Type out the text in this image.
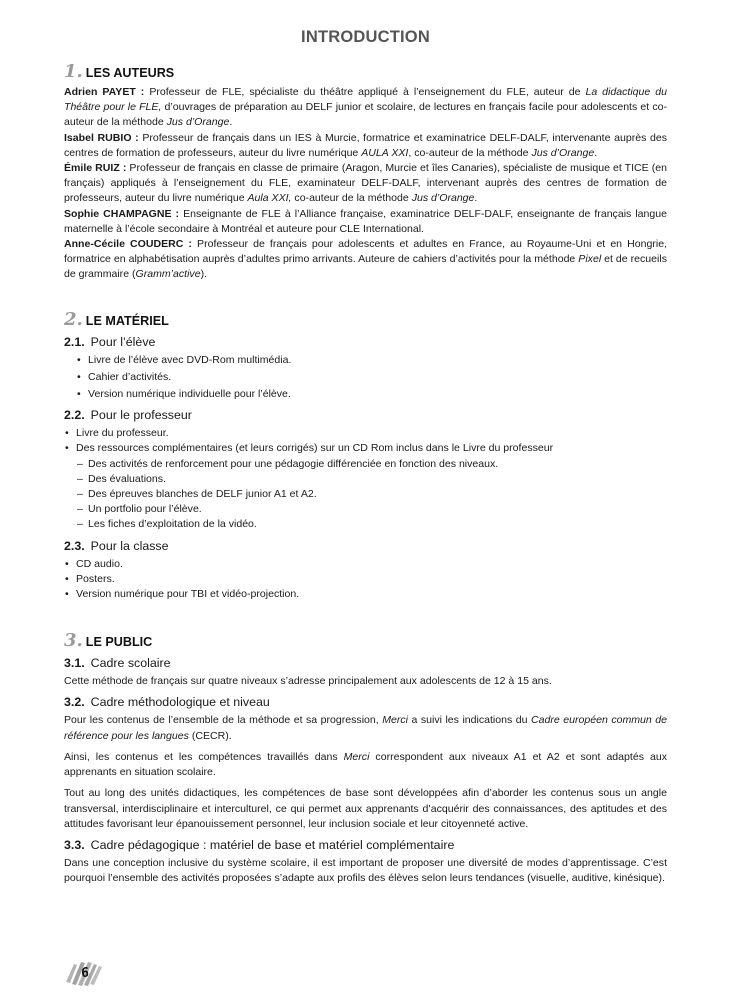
INTRODUCTION
1. LES AUTEURS

Adrien PAYET : Professeur de FLE, spécialiste du théâtre appliqué à l’enseignement du FLE, auteur de La didactique du Théâtre pour le FLE, d’ouvrages de préparation au DELF junior et scolaire, de lectures en français facile pour adolescents et co-auteur de la méthode Jus d’Orange.

Isabel RUBIO : Professeur de français dans un IES à Murcie, formatrice et examinatrice DELF-DALF, intervenante auprès des centres de formation de professeurs, auteur du livre numérique AULA XXI, co-auteur de la méthode Jus d’Orange.

Émile RUIZ : Professeur de français en classe de primaire (Aragon, Murcie et îles Canaries), spécialiste de musique et TICE (en français) appliqués à l’enseignement du FLE, examinateur DELF-DALF, intervenant auprès des centres de formation de professeurs, auteur du livre numérique Aula XXI, co-auteur de la méthode Jus d’Orange.

Sophie CHAMPAGNE : Enseignante de FLE à l’Alliance française, examinatrice DELF-DALF, enseignante de français langue maternelle à l’école secondaire à Montréal et auteure pour CLE International.

Anne-Cécile COUDERC : Professeur de français pour adolescents et adultes en France, au Royaume-Uni et en Hongrie, formatrice en alphabétisation auprès d’adultes primo arrivants. Auteure de cahiers d’activités pour la méthode Pixel et de recueils de grammaire (Gramm’active).

2. LE MATÉRIEL
2.1. Pour l’élève
• Livre de l’élève avec DVD-Rom multimédia.
• Cahier d’activités.
• Version numérique individuelle pour l’élève.
2.2. Pour le professeur
• Livre du professeur.
• Des ressources complémentaires (et leurs corrigés) sur un CD Rom inclus dans le Livre du professeur
– Des activités de renforcement pour une pédagogie différenciée en fonction des niveaux.
– Des évaluations.
– Des épreuves blanches de DELF junior A1 et A2.
– Un portfolio pour l’élève.
– Les fiches d’exploitation de la vidéo.
2.3. Pour la classe
• CD audio.
• Posters.
• Version numérique pour TBI et vidéo-projection.
3. LE PUBLIC
3.1. Cadre scolaire

Cette méthode de français sur quatre niveaux s’adresse principalement aux adolescents de 12 à 15 ans.

3.2. Cadre méthodologique et niveau

Pour les contenus de l’ensemble de la méthode et sa progression, Merci a suivi les indications du Cadre européen commun de référence pour les langues (CECR).

Ainsi, les contenus et les compétences travaillés dans Merci correspondent aux niveaux A1 et A2 et sont adaptés aux apprenants en situation scolaire.

Tout au long des unités didactiques, les compétences de base sont développées afin d’aborder les contenus sous un angle transversal, interdisciplinaire et interculturel, ce qui permet aux apprenants d’acquérir des connaissances, des aptitudes et des attitudes favorisant leur épanouissement personnel, leur inclusion sociale et leur citoyenneté active.

3.3. Cadre pédagogique : matériel de base et matériel complémentaire

Dans une conception inclusive du système scolaire, il est important de proposer une diversité de modes d’apprentissage. C’est pourquoi l’ensemble des activités proposées s’adapte aux profils des élèves selon leurs tendances (visuelle, auditive, kinésique).

6
